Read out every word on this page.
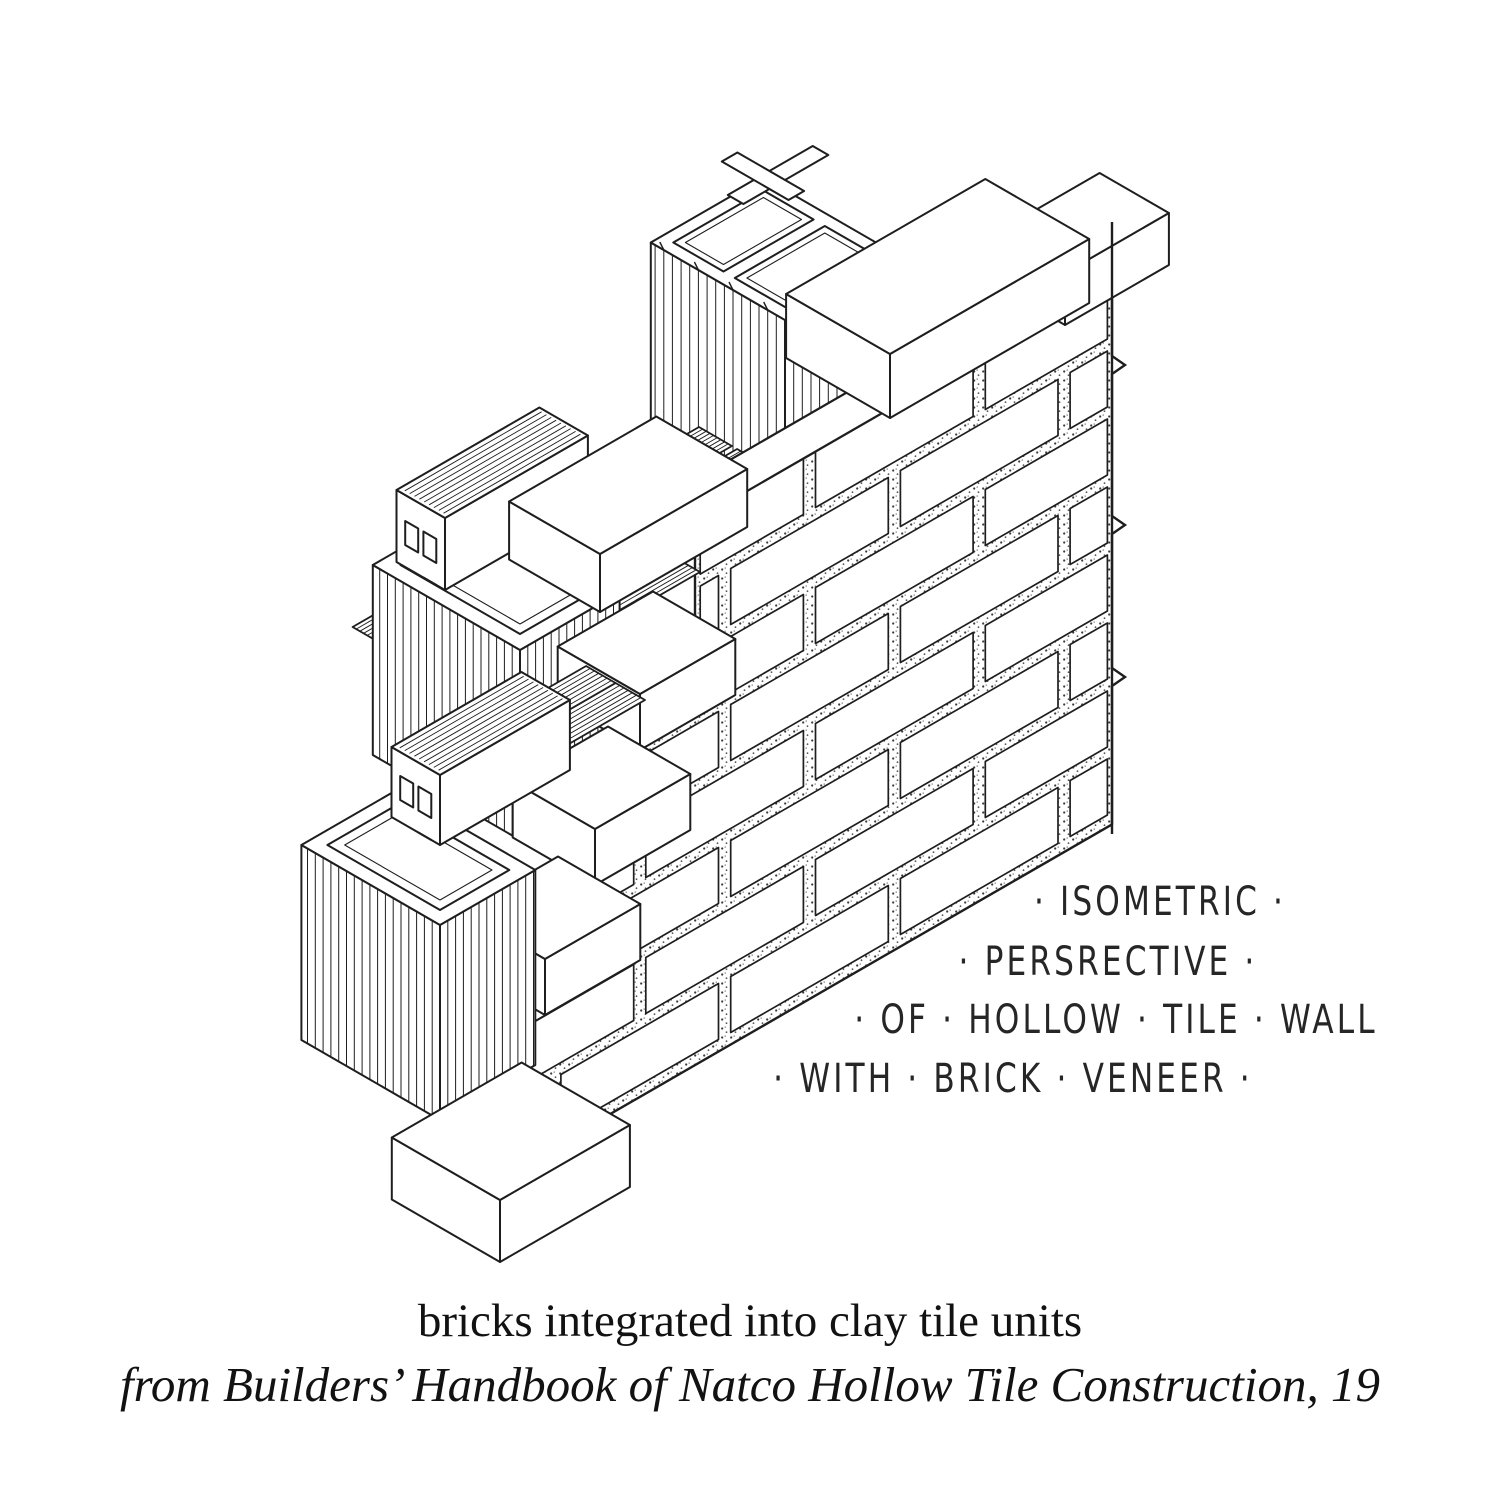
· ISOMETRIC ·
· PERSRECTIVE ·
· OF · HOLLOW · TILE · WALL
· WITH · BRICK · VENEER ·
bricks integrated into clay tile units
from Builders’ Handbook of Natco Hollow Tile Construction, 19
